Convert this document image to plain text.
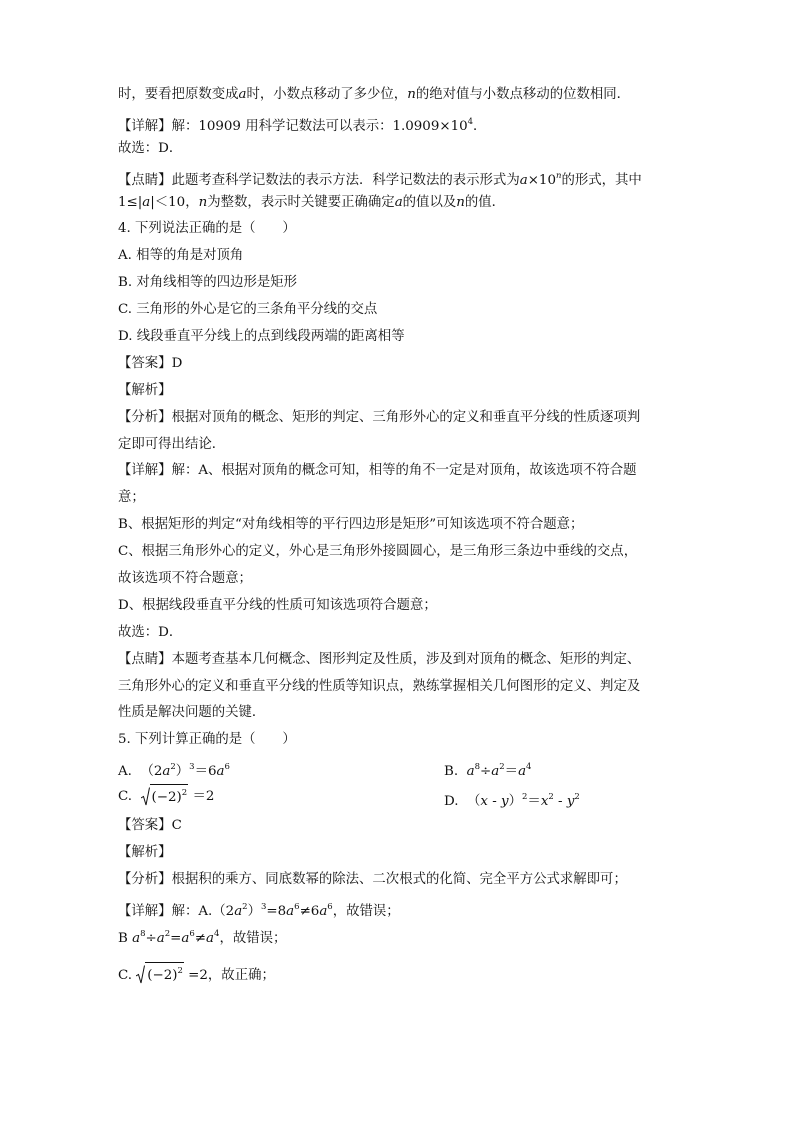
时，要看把原数变成a时，小数点移动了多少位，n的绝对值与小数点移动的位数相同．
【详解】解：10909 用科学记数法可以表示：$1.0909\times 10^4$．
故选：D．
【点睛】此题考查科学记数法的表示方法．科学记数法的表示形式为$a\times 10^n$的形式，其中
1≤|a|＜10，n为整数，表示时关键要正确确定a的值以及n的值．
4. 下列说法正确的是（　　）
A. 相等的角是对顶角
B. 对角线相等的四边形是矩形
C. 三角形的外心是它的三条角平分线的交点
D. 线段垂直平分线上的点到线段两端的距离相等
【答案】D
【解析】
【分析】根据对顶角的概念、矩形的判定、三角形外心的定义和垂直平分线的性质逐项判
定即可得出结论．
【详解】解：A、根据对顶角的概念可知，相等的角不一定是对顶角，故该选项不符合题
意；
B、根据矩形的判定“对角线相等的平行四边形是矩形”可知该选项不符合题意；
C、根据三角形外心的定义，外心是三角形外接圆圆心，是三角形三条边中垂线的交点，
故该选项不符合题意；
D、根据线段垂直平分线的性质可知该选项符合题意；
故选：D．
【点睛】本题考查基本几何概念、图形判定及性质，涉及到对顶角的概念、矩形的判定、
三角形外心的定义和垂直平分线的性质等知识点，熟练掌握相关几何图形的定义、判定及
性质是解决问题的关键．
5. 下列计算正确的是（　　）
A. $(2a^2)^3=6a^6$	B. $a^8\div a^2=a^4$
C. $(-2)^2 =2$	D. $(x - y)^2=x^2 - y^2$
【答案】C
【解析】
【分析】根据积的乘方、同底数幂的除法、二次根式的化简、完全平方公式求解即可；
【详解】解：$A.(2a^2)^3=8a^6\ne 6a^6$，故错误；
B $a^8\div a^2=a^6\ne a^4$，故错误；
C. $(-2)^2 =2$，故正确；
